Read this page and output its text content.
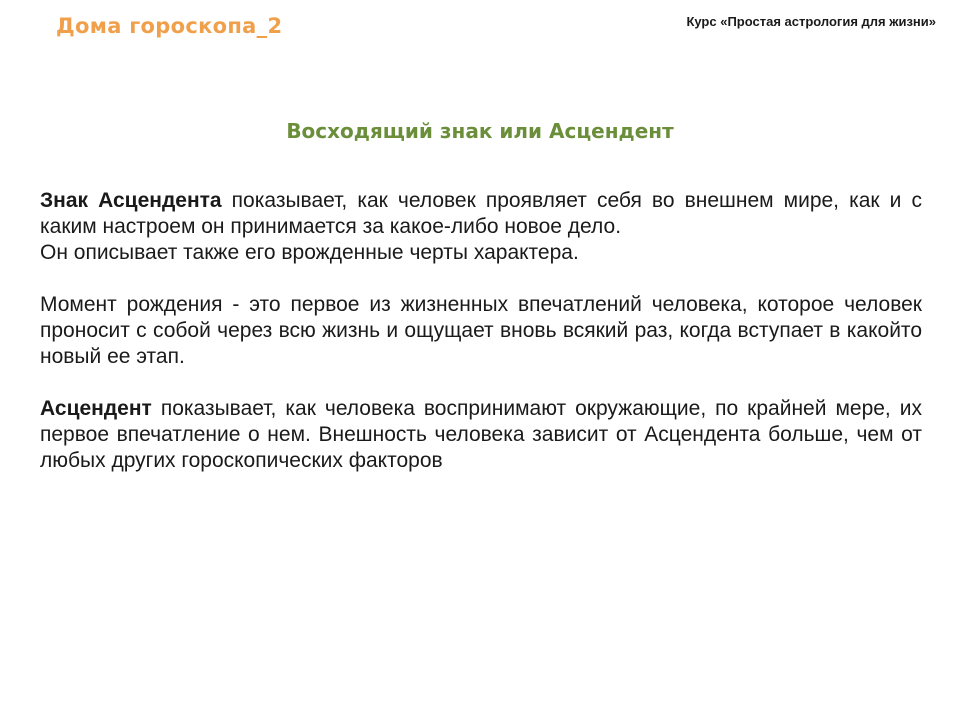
Дома гороскопа_2	Курс «Простая астрология для жизни»
Восходящий знак или Асцендент

Знак Асцендента показывает, как человек проявляет себя во внешнем мире, как и с каким настроем он принимается за какое-либо новое дело.

Он описывает также его врожденные черты характера.

Момент рождения - это первое из жизненных впечатлений человека, которое человек проносит с собой через всю жизнь и ощущает вновь всякий раз, когда вступает в какойто новый ее этап.

Асцендент показывает, как человека воспринимают окружающие, по крайней мере, их первое впечатление о нем. Внешность человека зависит от Асцендента больше, чем от любых других гороскопических факторов
